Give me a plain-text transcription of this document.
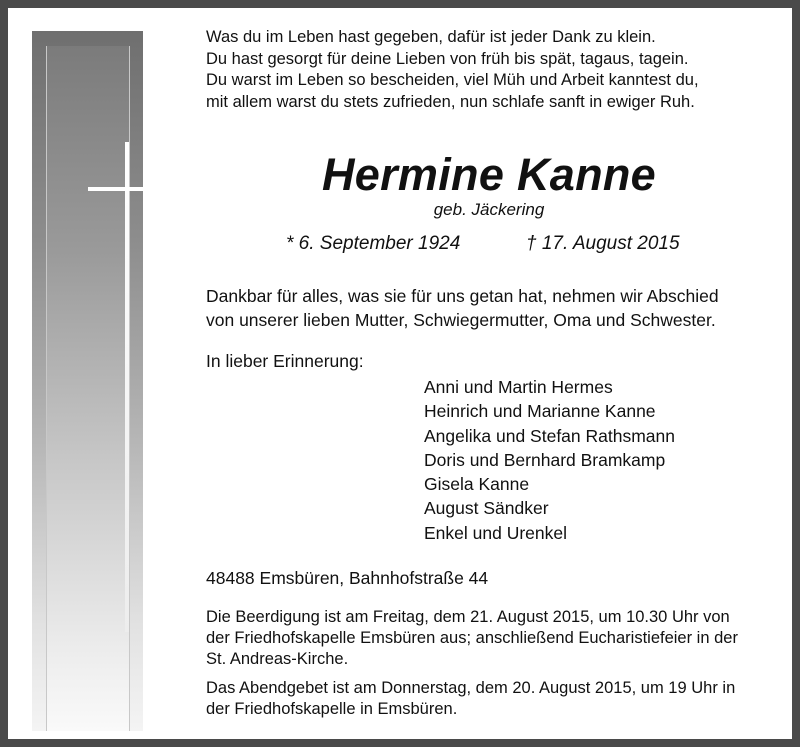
Was du im Leben hast gegeben, dafür ist jeder Dank zu klein.
Du hast gesorgt für deine Lieben von früh bis spät, tagaus, tagein.
Du warst im Leben so bescheiden, viel Müh und Arbeit kanntest du,
mit allem warst du stets zufrieden, nun schlafe sanft in ewiger Ruh.
Hermine Kanne
geb. Jäckering
* 6. September 1924	† 17. August 2015
Dankbar für alles, was sie für uns getan hat, nehmen wir Abschied
von unserer lieben Mutter, Schwiegermutter, Oma und Schwester.
In lieber Erinnerung:
Anni und Martin Hermes
Heinrich und Marianne Kanne
Angelika und Stefan Rathsmann
Doris und Bernhard Bramkamp
Gisela Kanne
August Sändker
Enkel und Urenkel
48488 Emsbüren, Bahnhofstraße 44
Die Beerdigung ist am Freitag, dem 21. August 2015, um 10.30 Uhr von
der Friedhofskapelle Emsbüren aus; anschließend Eucharistiefeier in der
St. Andreas-Kirche.
Das Abendgebet ist am Donnerstag, dem 20. August 2015, um 19 Uhr in
der Friedhofskapelle in Emsbüren.
